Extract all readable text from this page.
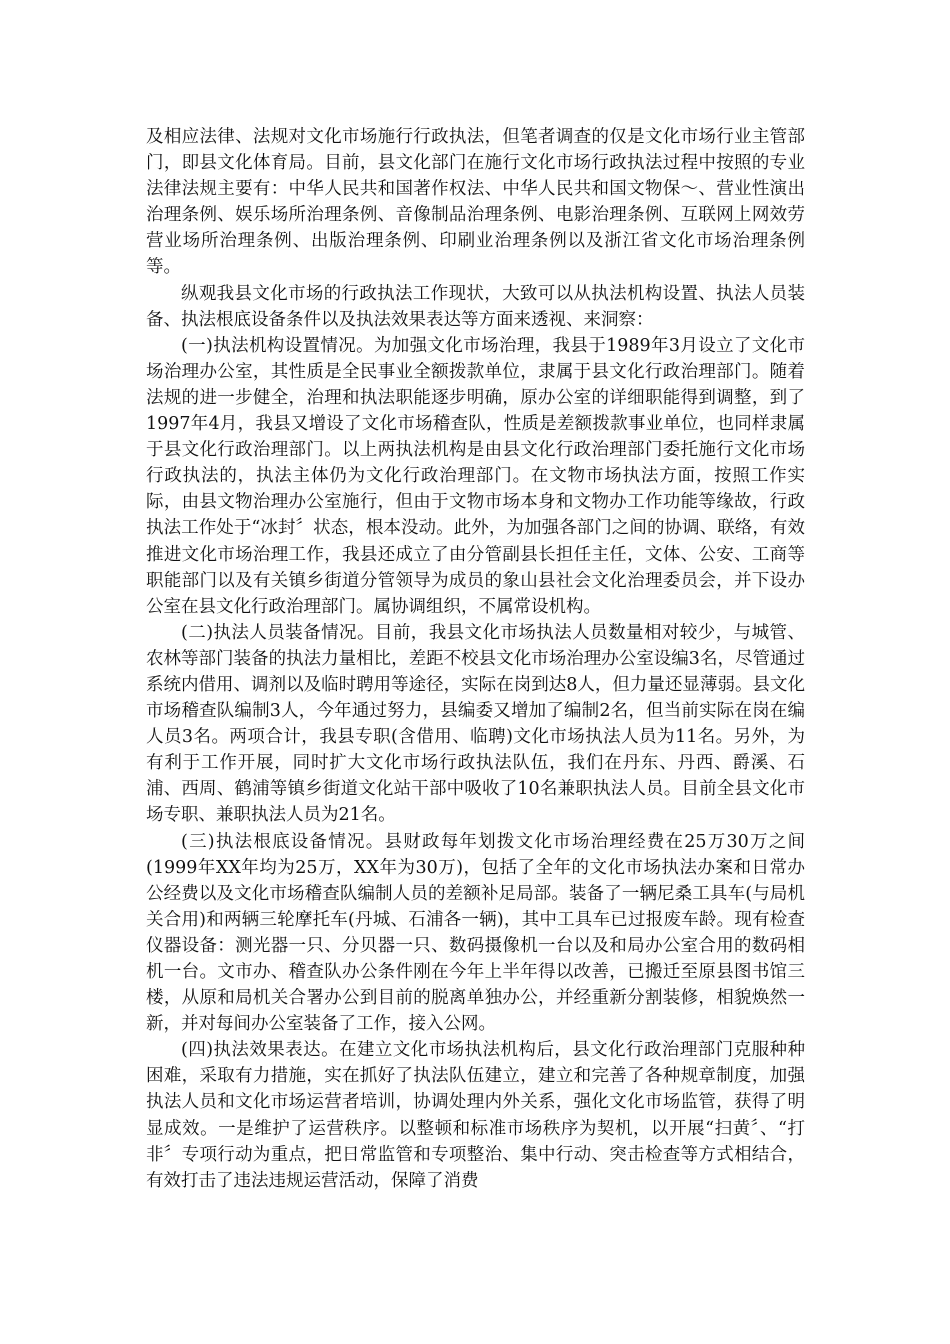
及相应法律、法规对文化市场施行行政执法，但笔者调查的仅是文化市场行业主管部门，即县文化体育局。目前，县文化部门在施行文化市场行政执法过程中按照的专业法律法规主要有：中华人民共和国著作权法、中华人民共和国文物保～、营业性演出治理条例、娱乐场所治理条例、音像制品治理条例、电影治理条例、互联网上网效劳营业场所治理条例、出版治理条例、印刷业治理条例以及浙江省文化市场治理条例等。

纵观我县文化市场的行政执法工作现状，大致可以从执法机构设置、执法人员装备、执法根底设备条件以及执法效果表达等方面来透视、来洞察：

(一)执法机构设置情况。为加强文化市场治理，我县于1989年3月设立了文化市场治理办公室，其性质是全民事业全额拨款单位，隶属于县文化行政治理部门。随着法规的进一步健全，治理和执法职能逐步明确，原办公室的详细职能得到调整，到了1997年4月，我县又增设了文化市场稽查队，性质是差额拨款事业单位，也同样隶属于县文化行政治理部门。以上两执法机构是由县文化行政治理部门委托施行文化市场行政执法的，执法主体仍为文化行政治理部门。在文物市场执法方面，按照工作实际，由县文物治理办公室施行，但由于文物市场本身和文物办工作功能等缘故，行政执法工作处于“冰封〞状态，根本没动。此外，为加强各部门之间的协调、联络，有效推进文化市场治理工作，我县还成立了由分管副县长担任主任，文体、公安、工商等职能部门以及有关镇乡街道分管领导为成员的象山县社会文化治理委员会，并下设办公室在县文化行政治理部门。属协调组织，不属常设机构。

(二)执法人员装备情况。目前，我县文化市场执法人员数量相对较少，与城管、农林等部门装备的执法力量相比，差距不校县文化市场治理办公室设编3名，尽管通过系统内借用、调剂以及临时聘用等途径，实际在岗到达8人，但力量还显薄弱。县文化市场稽查队编制3人，今年通过努力，县编委又增加了编制2名，但当前实际在岗在编人员3名。两项合计，我县专职(含借用、临聘)文化市场执法人员为11名。另外，为有利于工作开展，同时扩大文化市场行政执法队伍，我们在丹东、丹西、爵溪、石浦、西周、鹤浦等镇乡街道文化站干部中吸收了10名兼职执法人员。目前全县文化市场专职、兼职执法人员为21名。

(三)执法根底设备情况。县财政每年划拨文化市场治理经费在25万30万之间(1999年XX年均为25万，XX年为30万)，包括了全年的文化市场执法办案和日常办公经费以及文化市场稽查队编制人员的差额补足局部。装备了一辆尼桑工具车(与局机关合用)和两辆三轮摩托车(丹城、石浦各一辆)，其中工具车已过报废车龄。现有检查仪器设备：测光器一只、分贝器一只、数码摄像机一台以及和局办公室合用的数码相机一台。文市办、稽查队办公条件刚在今年上半年得以改善，已搬迁至原县图书馆三楼，从原和局机关合署办公到目前的脱离单独办公，并经重新分割装修，相貌焕然一新，并对每间办公室装备了工作，接入公网。

(四)执法效果表达。在建立文化市场执法机构后，县文化行政治理部门克服种种困难，采取有力措施，实在抓好了执法队伍建立，建立和完善了各种规章制度，加强执法人员和文化市场运营者培训，协调处理内外关系，强化文化市场监管，获得了明显成效。一是维护了运营秩序。以整顿和标准市场秩序为契机，以开展“扫黄〞、“打非〞专项行动为重点，把日常监管和专项整治、集中行动、突击检查等方式相结合，有效打击了违法违规运营活动，保障了消费
